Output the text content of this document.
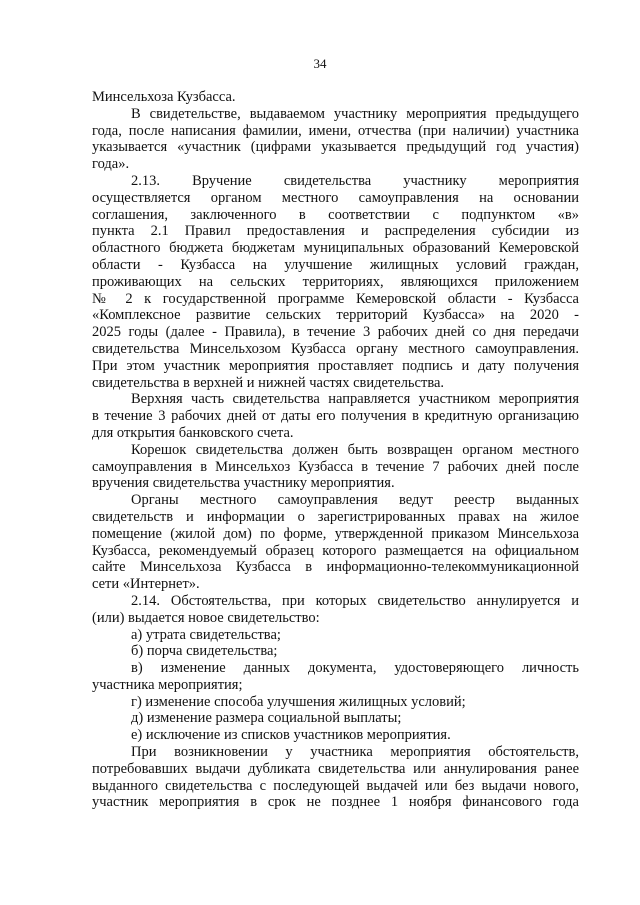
34
Минсельхоза Кузбасса.
В свидетельстве, выдаваемом участнику мероприятия предыдущего
года, после написания фамилии, имени, отчества (при наличии) участника
указывается «участник (цифрами указывается предыдущий год участия)
года».
2.13. Вручение свидетельства участнику мероприятия
осуществляется органом местного самоуправления на основании
соглашения, заключенного в соответствии с подпунктом «в»
пункта 2.1 Правил предоставления и распределения субсидии из
областного бюджета бюджетам муниципальных образований Кемеровской
области - Кузбасса на улучшение жилищных условий граждан,
проживающих на сельских территориях, являющихся приложением
№ 2 к государственной программе Кемеровской области - Кузбасса
«Комплексное развитие сельских территорий Кузбасса» на 2020 -
2025 годы (далее - Правила), в течение 3 рабочих дней со дня передачи
свидетельства Минсельхозом Кузбасса органу местного самоуправления.
При этом участник мероприятия проставляет подпись и дату получения
свидетельства в верхней и нижней частях свидетельства.
Верхняя часть свидетельства направляется участником мероприятия
в течение 3 рабочих дней от даты его получения в кредитную организацию
для открытия банковского счета.
Корешок свидетельства должен быть возвращен органом местного
самоуправления в Минсельхоз Кузбасса в течение 7 рабочих дней после
вручения свидетельства участнику мероприятия.
Органы местного самоуправления ведут реестр выданных
свидетельств и информации о зарегистрированных правах на жилое
помещение (жилой дом) по форме, утвержденной приказом Минсельхоза
Кузбасса, рекомендуемый образец которого размещается на официальном
сайте Минсельхоза Кузбасса в информационно-телекоммуникационной
сети «Интернет».
2.14. Обстоятельства, при которых свидетельство аннулируется и
(или) выдается новое свидетельство:
а) утрата свидетельства;
б) порча свидетельства;
в) изменение данных документа, удостоверяющего личность
участника мероприятия;
г) изменение способа улучшения жилищных условий;
д) изменение размера социальной выплаты;
е) исключение из списков участников мероприятия.
При возникновении у участника мероприятия обстоятельств,
потребовавших выдачи дубликата свидетельства или аннулирования ранее
выданного свидетельства с последующей выдачей или без выдачи нового,
участник мероприятия в срок не позднее 1 ноября финансового года
